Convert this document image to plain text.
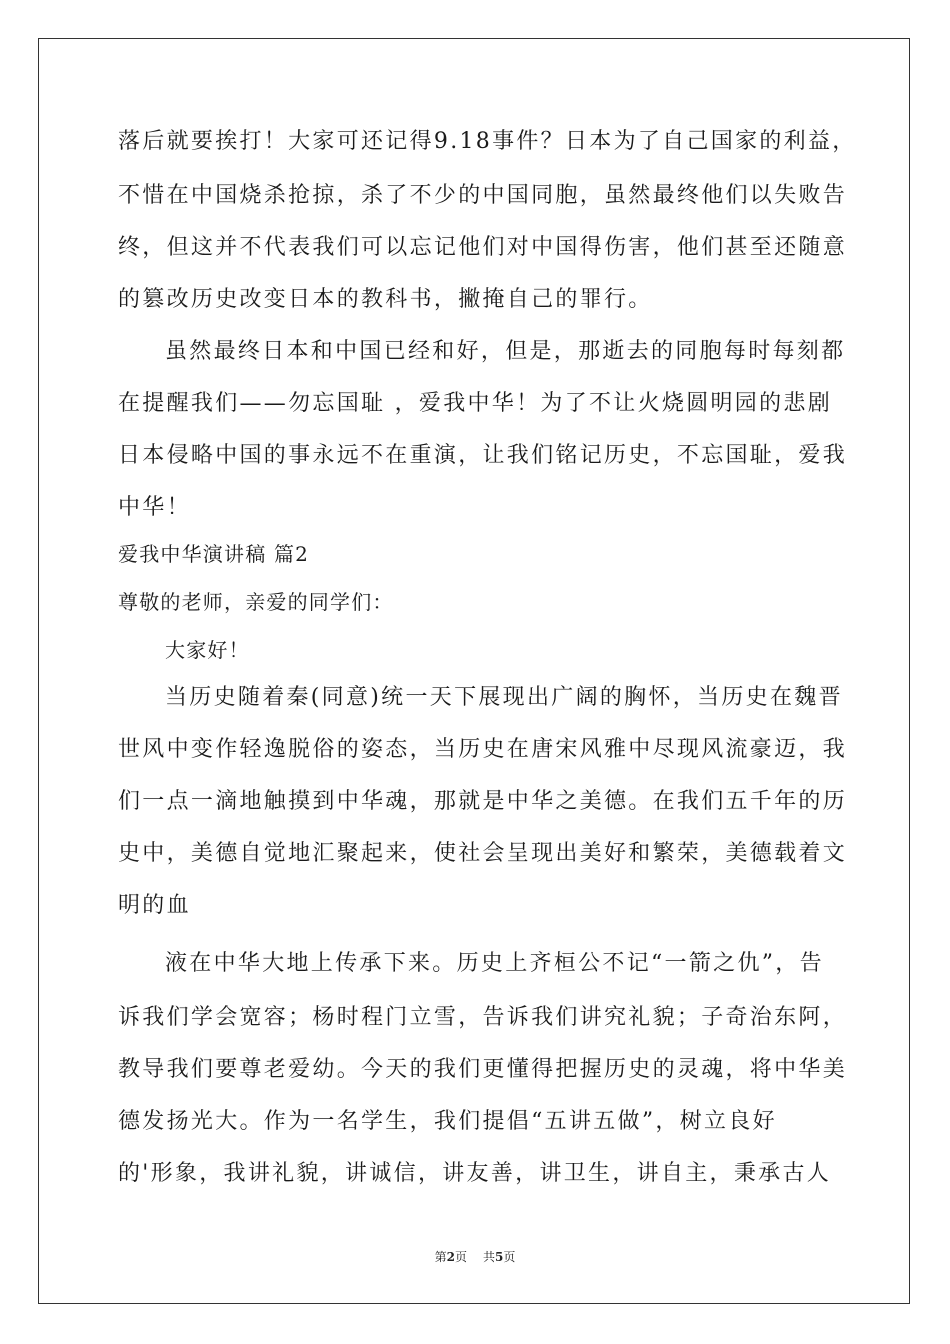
落后就要挨打！大家可还记得9.18事件？日本为了自己国家的利益，
不惜在中国烧杀抢掠，杀了不少的中国同胞，虽然最终他们以失败告
终，但这并不代表我们可以忘记他们对中国得伤害，他们甚至还随意
的篡改历史改变日本的教科书，撇掩自己的罪行。
虽然最终日本和中国已经和好，但是，那逝去的同胞每时每刻都
在提醒我们——勿忘国耻 ，爱我中华！为了不让火烧圆明园的悲剧
日本侵略中国的事永远不在重演，让我们铭记历史，不忘国耻，爱我
中华！
爱我中华演讲稿 篇2
尊敬的老师，亲爱的同学们：
大家好！
当历史随着秦(同意)统一天下展现出广阔的胸怀，当历史在魏晋
世风中变作轻逸脱俗的姿态，当历史在唐宋风雅中尽现风流豪迈，我
们一点一滴地触摸到中华魂，那就是中华之美德。在我们五千年的历
史中，美德自觉地汇聚起来，使社会呈现出美好和繁荣，美德载着文
明的血
液在中华大地上传承下来。历史上齐桓公不记“一箭之仇”，告
诉我们学会宽容；杨时程门立雪，告诉我们讲究礼貌；子奇治东阿，
教导我们要尊老爱幼。今天的我们更懂得把握历史的灵魂，将中华美
德发扬光大。作为一名学生，我们提倡“五讲五做”，树立良好
的'形象，我讲礼貌，讲诚信，讲友善，讲卫生，讲自主，秉承古人
第2页 共5页
